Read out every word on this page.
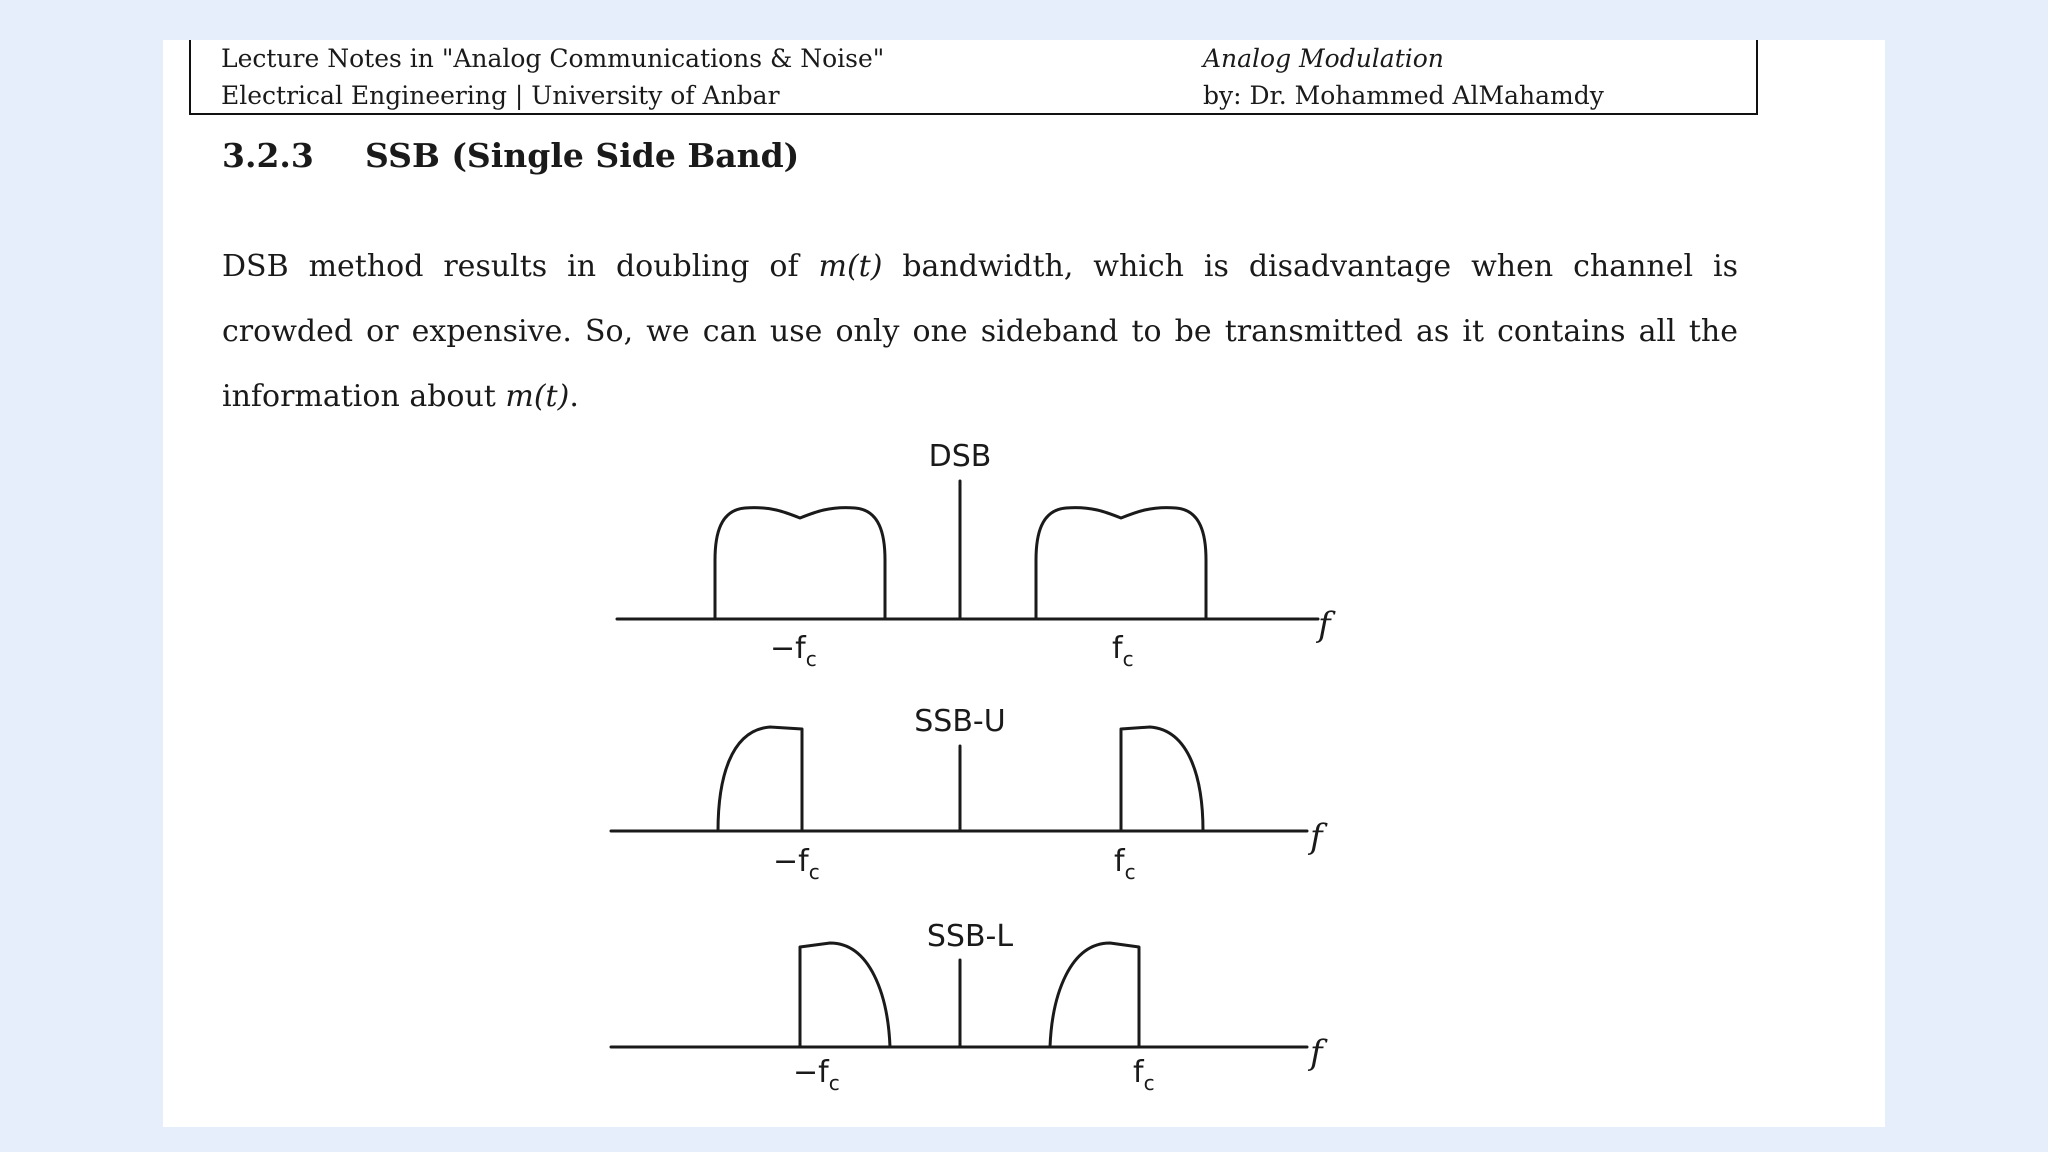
Lecture Notes in "Analog Communications & Noise"
Electrical Engineering | University of Anbar
Analog Modulation
by: Dr. Mohammed AlMahamdy
3.2.3 SSB (Single Side Band)
DSB method results in doubling of m(t) bandwidth, which is disadvantage when channel is crowded or expensive. So, we can use only one sideband to be transmitted as it contains all the information about m(t).
DSB
SSB-U
SSB-L
f
f
f
$-f_c$	$f_c$
$-f_c$	$f_c$
$-f_c$	$f_c$
